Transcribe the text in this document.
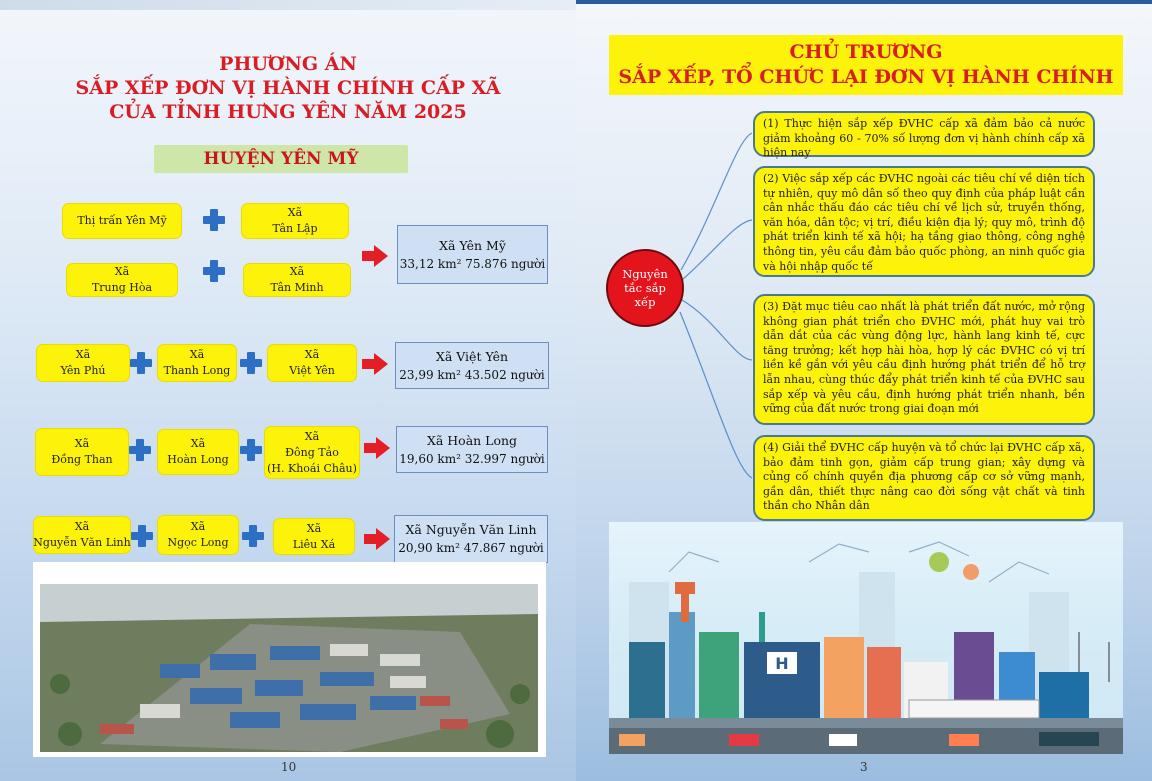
PHƯƠNG ÁN
SẮP XẾP ĐƠN VỊ HÀNH CHÍNH CẤP XÃ
CỦA TỈNH HƯNG YÊN NĂM 2025
HUYỆN YÊN MỸ
Thị trấn Yên Mỹ
Xã
Tân Lập
Xã
Trung Hòa
Xã
Tân Minh
Xã Yên Mỹ
33,12 km² 75.876 người
Xã
Yên Phú
Xã
Thanh Long
Xã
Việt Yên
Xã Việt Yên
23,99 km² 43.502 người
Xã
Đồng Than
Xã
Hoàn Long
Xã
Đông Tảo
(H. Khoái Châu)
Xã Hoàn Long
19,60 km² 32.997 người
Xã
Nguyễn Văn Linh
Xã
Ngọc Long
Xã
Liêu Xá
Xã Nguyễn Văn Linh
20,90 km² 47.867 người
10
CHỦ TRƯƠNG
SẮP XẾP, TỔ CHỨC LẠI ĐƠN VỊ HÀNH CHÍNH
Nguyên tắc sắp xếp
(1) Thực hiện sắp xếp ĐVHC cấp xã đảm bảo cả nước giảm khoảng 60 - 70% số lượng đơn vị hành chính cấp xã hiện nay
(2) Việc sắp xếp các ĐVHC ngoài các tiêu chí về diện tích tự nhiên, quy mô dân số theo quy định của pháp luật cần cân nhắc thấu đáo các tiêu chí về lịch sử, truyền thống, văn hóa, dân tộc; vị trí, điều kiện địa lý; quy mô, trình độ phát triển kinh tế xã hội; hạ tầng giao thông, công nghệ thông tin, yêu cầu đảm bảo quốc phòng, an ninh quốc gia và hội nhập quốc tế
(3) Đặt mục tiêu cao nhất là phát triển đất nước, mở rộng không gian phát triển cho ĐVHC mới, phát huy vai trò dẫn dắt của các vùng động lực, hành lang kinh tế, cực tăng trưởng; kết hợp hài hòa, hợp lý các ĐVHC có vị trí liền kề gắn với yêu cầu định hướng phát triển để hỗ trợ lẫn nhau, cùng thúc đẩy phát triển kinh tế của ĐVHC sau sắp xếp và yêu cầu, định hướng phát triển nhanh, bền vững của đất nước trong giai đoạn mới
(4) Giải thể ĐVHC cấp huyện và tổ chức lại ĐVHC cấp xã, bảo đảm tinh gọn, giảm cấp trung gian; xây dựng và củng cố chính quyền địa phương cấp cơ sở vững mạnh, gần dân, thiết thực nâng cao đời sống vật chất và tinh thần cho Nhân dân
H
3
